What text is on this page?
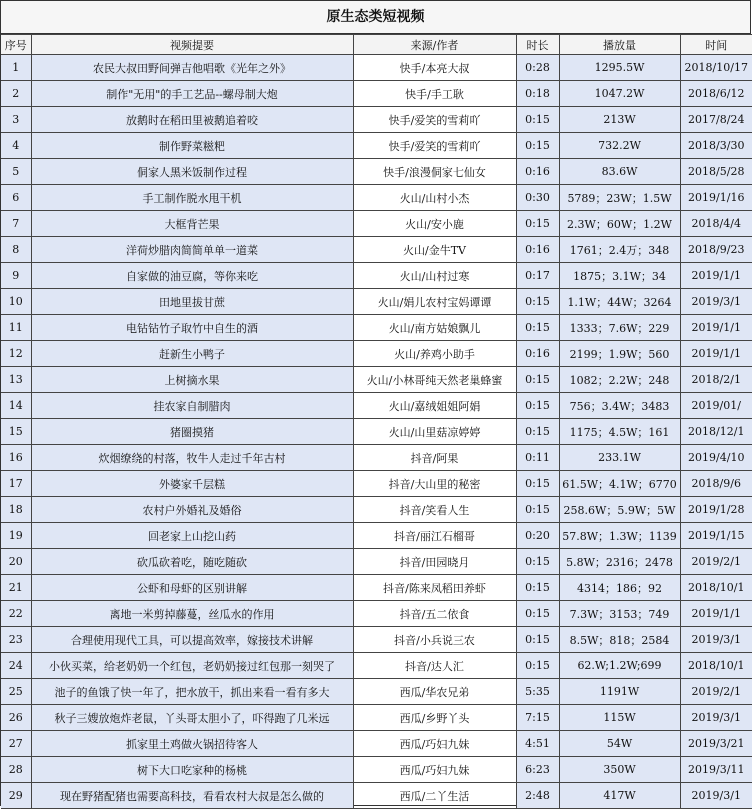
原生态类短视频
序号	视频提要	来源/作者	时长	播放量	时间
1	农民大叔田野间弹吉他唱歌《光年之外》	快手/本亮大叔	0:28	1295.5W	2018/10/17
2	制作"无用"的手工艺品--螺母制大炮	快手/手工耿	0:18	1047.2W	2018/6/12
3	放鹅时在稻田里被鹅追着咬	快手/爱笑的雪莉吖	0:15	213W	2017/8/24
4	制作野菜糍粑	快手/爱笑的雪莉吖	0:15	732.2W	2018/3/30
5	侗家人黑米饭制作过程	快手/浪漫侗家七仙女	0:16	83.6W	2018/5/28
6	手工制作脱水甩干机	火山/山村小杰	0:30	5789；23W；1.5W	2019/1/16
7	大框背芒果	火山/安小鹿	0:15	2.3W；60W；1.2W	2018/4/4
8	洋荷炒腊肉简简单单一道菜	火山/金牛TV	0:16	1761；2.4万；348	2018/9/23
9	自家做的油豆腐，等你来吃	火山/山村过寒	0:17	1875；3.1W；34	2019/1/1
10	田地里拔甘蔗	火山/娟儿农村宝妈谭谭	0:15	1.1W；44W；3264	2019/3/1
11	电钻钻竹子取竹中自生的酒	火山/南方姑娘飘儿	0:15	1333；7.6W；229	2019/1/1
12	赶新生小鸭子	火山/养鸡小助手	0:16	2199；1.9W；560	2019/1/1
13	上树摘水果	火山/小林哥纯天然老巢蜂蜜	0:15	1082；2.2W；248	2018/2/1
14	挂农家自制腊肉	火山/嘉绒姐姐阿娟	0:15	756；3.4W；3483	2019/01/
15	猪圈摸猪	火山/山里菇凉婷婷	0:15	1175；4.5W；161	2018/12/1
16	炊烟缭绕的村落，牧牛人走过千年古村	抖音/阿果	0:11	233.1W	2019/4/10
17	外婆家千层糕	抖音/大山里的秘密	0:15	61.5W；4.1W；6770	2018/9/6
18	农村户外婚礼及婚俗	抖音/笑看人生	0:15	258.6W；5.9W；5W	2019/1/28
19	回老家上山挖山药	抖音/丽江石榴哥	0:20	57.8W；1.3W；1139	2019/1/15
20	砍瓜砍着吃，随吃随砍	抖音/田园晓月	0:15	5.8W；2316；2478	2019/2/1
21	公虾和母虾的区别讲解	抖音/陈来凤稻田养虾	0:15	4314；186；92	2018/10/1
22	离地一米剪掉藤蔓，丝瓜水的作用	抖音/五二依食	0:15	7.3W；3153；749	2019/1/1
23	合理使用现代工具，可以提高效率，嫁接技术讲解	抖音/小兵说三农	0:15	8.5W；818；2584	2019/3/1
24	小伙买菜，给老奶奶一个红包，老奶奶接过红包那一刻哭了	抖音/达人汇	0:15	62.W;1.2W;699	2018/10/1
25	池子的鱼饿了快一年了，把水放干，抓出来看一看有多大	西瓜/华农兄弟	5:35	1191W	2019/2/1
26	秋子三嫂放炮炸老鼠，丫头哥太胆小了，吓得跑了几米远	西瓜/乡野丫头	7:15	115W	2019/3/1
27	抓家里土鸡做火锅招待客人	西瓜/巧妇九妹	4:51	54W	2019/3/21
28	树下大口吃家种的杨桃	西瓜/巧妇九妹	6:23	350W	2019/3/11
29	现在野猪配猪也需要高科技，看看农村大叔是怎么做的	西瓜/二丫生活	2:48	417W	2019/3/1
